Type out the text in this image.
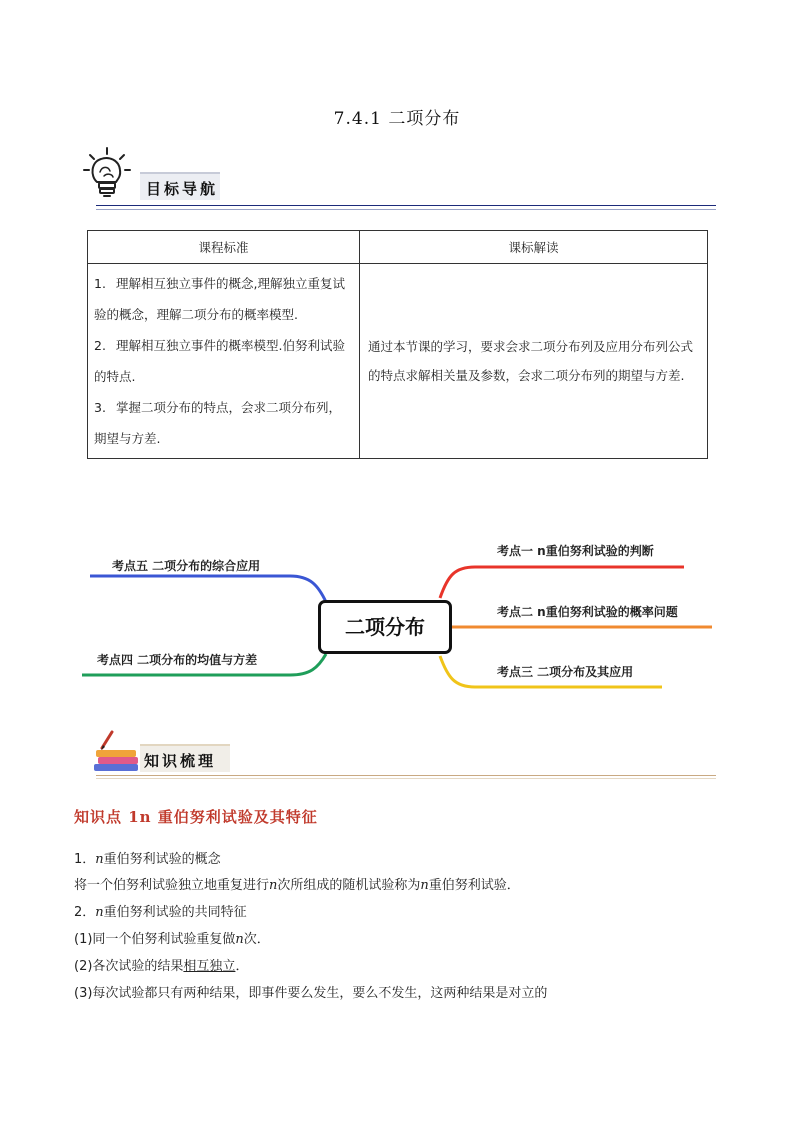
7.4.1 二项分布
目标导航
课程标准	课标解读

1. 理解相互独立事件的概念,理解独立重复试验的概念，理解二项分布的概率模型.
2. 理解相互独立事件的概率模型.伯努利试验的特点.
3. 掌握二项分布的特点，会求二项分布列，期望与方差.	通过本节课的学习，要求会求二项分布列及应用分布列公式的特点求解相关量及参数，会求二项分布列的期望与方差.
二项分布
考点一 n重伯努利试验的判断
考点二 n重伯努利试验的概率问题
考点三 二项分布及其应用
考点五 二项分布的综合应用
考点四 二项分布的均值与方差
知识梳理
知识点 1n 重伯努利试验及其特征
1．n重伯努利试验的概念
将一个伯努利试验独立地重复进行n次所组成的随机试验称为n重伯努利试验．
2．n重伯努利试验的共同特征
(1)同一个伯努利试验重复做n次．
(2)各次试验的结果相互独立．
(3)每次试验都只有两种结果，即事件要么发生，要么不发生，这两种结果是对立的
